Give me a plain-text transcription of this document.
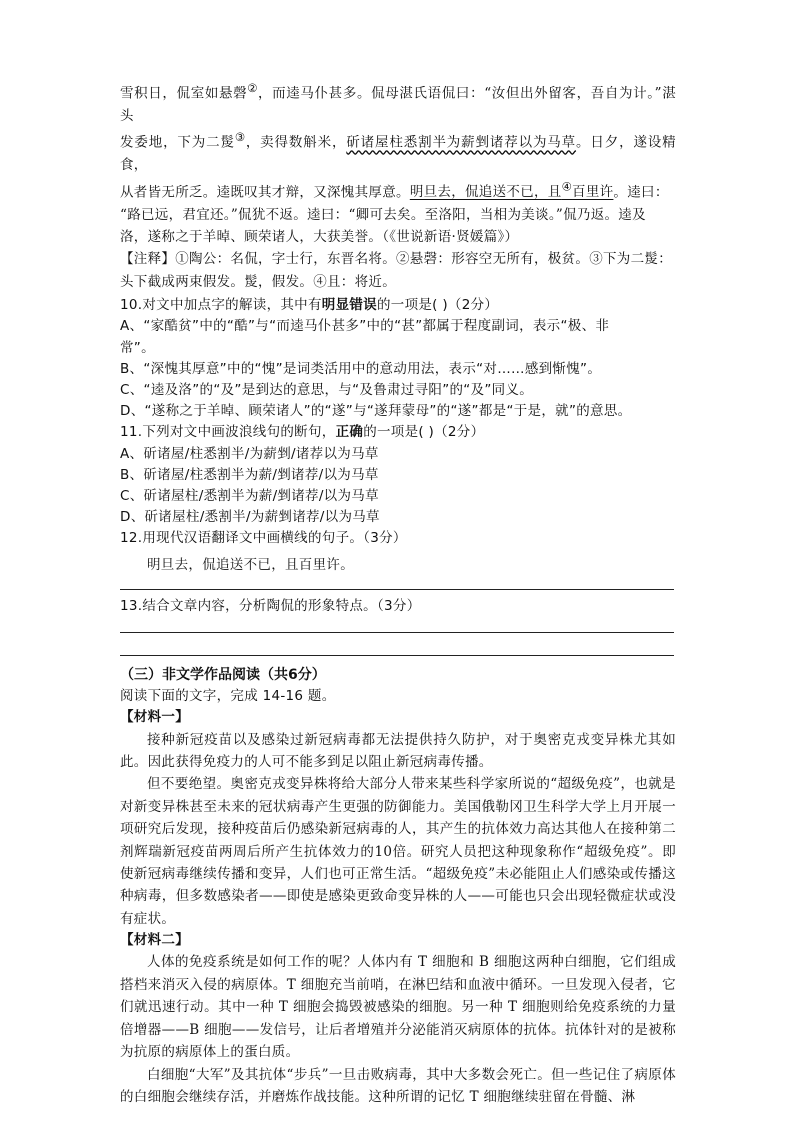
雪积日，侃室如悬磬②，而逵马仆甚多。侃母湛氏语侃曰：“汝但出外留客，吾自为计。”湛头

发委地，下为二髲③，卖得数斛米，斫诸屋柱悉割半为薪剉诸荐以为马草。日夕，遂设精食，

从者皆无所乏。逵既叹其才辩，又深愧其厚意。明旦去，侃追送不已，且④百里许。逵曰：

“路已远，君宜还。”侃犹不返。逵曰：“卿可去矣。至洛阳，当相为美谈。”侃乃返。逵及

洛，遂称之于羊晫、顾荣诸人，大获美誉。（《世说新语·贤媛篇》）

【注释】①陶公：名侃，字士行，东晋名将。②悬磬：形容空无所有，极贫。③下为二髲：

头下截成两束假发。髲，假发。④且：将近。

10.对文中加点字的解读，其中有明显错误的一项是( )（2分）

A、“家酷贫”中的“酷”与“而逵马仆甚多”中的“甚”都属于程度副词，表示“极、非

常”。

B、“深愧其厚意”中的“愧”是词类活用中的意动用法，表示“对……感到惭愧”。

C、“逵及洛”的“及”是到达的意思，与“及鲁肃过寻阳”的“及”同义。

D、“遂称之于羊晫、顾荣诸人”的“遂”与“遂拜蒙母”的“遂”都是“于是，就”的意思。

11.下列对文中画波浪线句的断句，正确的一项是( )（2分）

A、斫诸屋/柱悉割半/为薪剉/诸荐以为马草

B、斫诸屋/柱悉割半为薪/剉诸荐/以为马草

C、斫诸屋柱/悉割半为薪/剉诸荐/以为马草

D、斫诸屋柱/悉割半/为薪剉诸荐/以为马草

12.用现代汉语翻译文中画横线的句子。（3分）

明旦去，侃追送不已，且百里许。

13.结合文章内容，分析陶侃的形象特点。（3分）

（三）非文学作品阅读（共6分）

阅读下面的文字，完成 14-16 题。

【材料一】

接种新冠疫苗以及感染过新冠病毒都无法提供持久防护，对于奥密克戎变异株尤其如此。因此获得免疫力的人可不能多到足以阻止新冠病毒传播。

但不要绝望。奥密克戎变异株将给大部分人带来某些科学家所说的“超级免疫”，也就是对新变异株甚至未来的冠状病毒产生更强的防御能力。美国俄勒冈卫生科学大学上月开展一项研究后发现，接种疫苗后仍感染新冠病毒的人，其产生的抗体效力高达其他人在接种第二剂辉瑞新冠疫苗两周后所产生抗体效力的10倍。研究人员把这种现象称作“超级免疫”。即使新冠病毒继续传播和变异，人们也可正常生活。“超级免疫”未必能阻止人们感染或传播这种病毒，但多数感染者——即使是感染更致命变异株的人——可能也只会出现轻微症状或没有症状。

【材料二】

人体的免疫系统是如何工作的呢？人体内有 T 细胞和 B 细胞这两种白细胞，它们组成搭档来消灭入侵的病原体。T 细胞充当前哨，在淋巴结和血液中循环。一旦发现入侵者，它们就迅速行动。其中一种 T 细胞会捣毁被感染的细胞。另一种 T 细胞则给免疫系统的力量倍增器——B 细胞——发信号，让后者增殖并分泌能消灭病原体的抗体。抗体针对的是被称为抗原的病原体上的蛋白质。

白细胞“大军”及其抗体“步兵”一旦击败病毒，其中大多数会死亡。但一些记住了病原体的白细胞会继续存活，并磨炼作战技能。这种所谓的记忆 T 细胞继续驻留在骨髓、淋
